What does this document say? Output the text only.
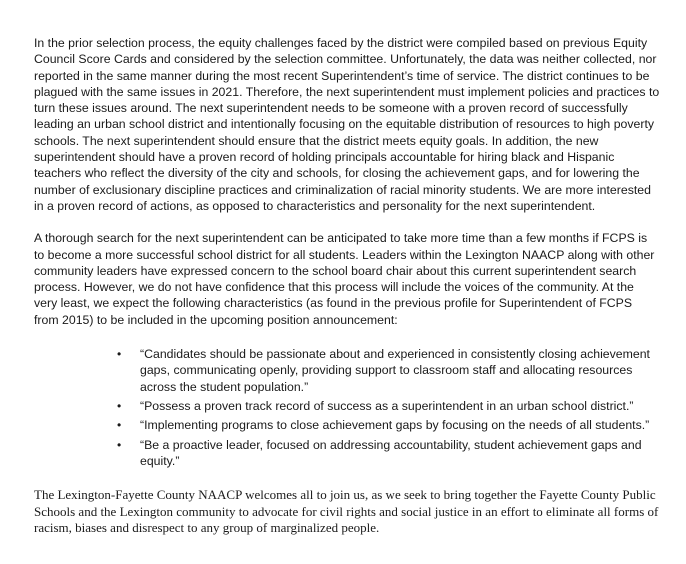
In the prior selection process, the equity challenges faced by the district were compiled based on previous Equity Council Score Cards and considered by the selection committee. Unfortunately, the data was neither collected, nor reported in the same manner during the most recent Superintendent’s time of service. The district continues to be plagued with the same issues in 2021. Therefore, the next superintendent must implement policies and practices to turn these issues around. The next superintendent needs to be someone with a proven record of successfully leading an urban school district and intentionally focusing on the equitable distribution of resources to high poverty schools. The next superintendent should ensure that the district meets equity goals. In addition, the new superintendent should have a proven record of holding principals accountable for hiring black and Hispanic teachers who reflect the diversity of the city and schools, for closing the achievement gaps, and for lowering the number of exclusionary discipline practices and criminalization of racial minority students. We are more interested in a proven record of actions, as opposed to characteristics and personality for the next superintendent.

A thorough search for the next superintendent can be anticipated to take more time than a few months if FCPS is to become a more successful school district for all students. Leaders within the Lexington NAACP along with other community leaders have expressed concern to the school board chair about this current superintendent search process. However, we do not have confidence that this process will include the voices of the community. At the very least, we expect the following characteristics (as found in the previous profile for Superintendent of FCPS from 2015) to be included in the upcoming position announcement:

• “Candidates should be passionate about and experienced in consistently closing achievement gaps, communicating openly, providing support to classroom staff and allocating resources across the student population.”
• “Possess a proven track record of success as a superintendent in an urban school district.”
• “Implementing programs to close achievement gaps by focusing on the needs of all students.”
• “Be a proactive leader, focused on addressing accountability, student achievement gaps and equity.”

The Lexington-Fayette County NAACP welcomes all to join us, as we seek to bring together the Fayette County Public Schools and the Lexington community to advocate for civil rights and social justice in an effort to eliminate all forms of racism, biases and disrespect to any group of marginalized people.
